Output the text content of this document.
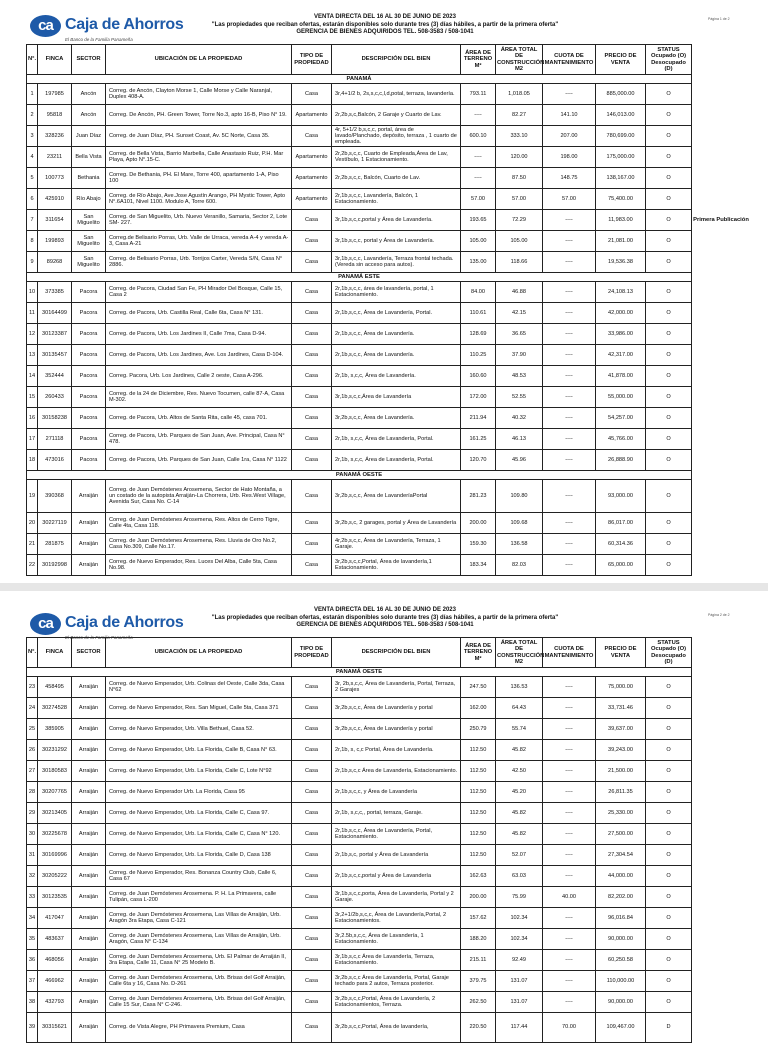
ca Caja de Ahorros
El Banco de la Familia Panameña
VENTA DIRECTA DEL 16 AL 30 DE JUNIO DE 2023
"Las propiedades que reciban ofertas, estarán disponibles solo durante tres (3) días hábiles, a partir de la primera oferta"
GERENCIA DE BIENES ADQUIRIDOS TEL. 508-3583 / 508-1041
Página 1 de 2
N°.	FINCA	SECTOR	UBICACIÓN DE LA PROPIEDAD	TIPO DE PROPIEDAD	DESCRIPCIÓN DEL BIEN	ÁREA DE TERRENO M²	ÁREA TOTAL DE CONSTRUCCIÓN M2	CUOTA DE MANTENIMIENTO	PRECIO DE VENTA	STATUS Ocupado (O) Desocupado (D)	
PANAMÁ											
1	197985	Ancón	Correg. de Ancón, Clayton Morse 1, Calle Morse y Calle Naranjal, Duplex 408-A.	Casa	3r,4+1/2 b, 2s,s,c,c,l,d,potal, terraza, lavandería.	793.11	1,018.05	----	885,000.00	O	
2	95818	Ancón	Correg. De Ancón, PH. Green Tower, Torre No.3, apto 16-B, Piso N° 19.	Apartamento	2r,2b,s,c,Balcón, 2 Garaje y Cuarto de Lav.	----	82.27	141.10	146,013.00	O	
3	328236	Juan Díaz	Correg. de Juan Díaz, PH. Sunset Coast, Av. 5C Norte, Casa 35.	Casa	4r, 5+1/2 b,s,c,c, portal, área de lavado/Planchado, depósito, terraza , 1 cuarto de empleada.	600.10	333.10	207.00	780,699.00	O	
4	23211	Bella Vista	Correg. de Bella Vista, Barrio Marbella, Calle Anastasio Ruiz, P.H. Mar Playa, Apto N°.15-C.	Apartamento	2r,2b,s,c,c, Cuarto de Empleada,Área de Lav, Vestíbulo, 1 Estacionamiento.	----	120.00	198.00	175,000.00	O	
5	100773	Bethania	Correg. De Bethania, PH. El Mare, Torre 400, apartamento 1-A, Piso 100	Apartamento	2r,2b,s,c,c, Balcón, Cuarto de Lav.	----	87.50	148.75	138,167.00	O	
6	425910	Río Abajo	Correg. de Río Abajo, Ave.Jose Agustín Arango, PH Mystic Tower, Apto N°.6A101, Nivel 1100. Modulo A, Torre 600.	Apartamento	2r,1b,s,c,c, Lavandería, Balcón, 1 Estacionamiento.	57.00	57.00	57.00	75,400.00	O	
7	311654	San Miguelito	Correg. de San Miguelito, Urb. Nuevo Veranillo, Samaria, Sector 2, Lote SM- 227.	Casa	3r,1b,s,c,c,portal y Área de Lavandería.	193.65	72.29	----	11,983.00	O	Primera Publicación
8	199893	San Miguelito	Correg.de Belisario Porras, Urb. Valle de Urraca, vereda A-4 y vereda A-3, Casa A-21	Casa	3r,1b,s,c,c, portal y Área de Lavandería.	105.00	105.00	----	21,081.00	O	
9	89268	San Miguelito	Correg. de Belisario Porras, Urb. Torrijos Carter, Vereda S/N, Casa N° 2886.	Casa	3r,1b,s,c,c, Lavandería, Terraza frontal techada. (Vereda sin acceso para autos).	135.00	118.66	----	19,536.38	O	
PANAMÁ ESTE											
10	373385	Pacora	Correg. de Pacora, Ciudad San Fe, PH Mirador Del Bosque, Calle 15, Casa 2	Casa	2r,1b,s,c,c, área de lavandería, portal, 1 Estacionamiento.	84.00	46.88	----	24,108.13	O	
11	30164499	Pacora	Correg. de Pacora, Urb. Castilla Real, Calle 6ta, Casa N° 131.	Casa	2r,1b,s,c,c, Área de Lavandería, Portal.	110.61	42.15	----	42,000.00	O	
12	30123387	Pacora	Correg. de Pacora, Urb. Los Jardines II, Calle 7ma, Casa D-94.	Casa	2r,1b,s,c,c, Área de Lavandería.	128.69	36.65	----	33,986.00	O	
13	30135457	Pacora	Correg. de Pacora, Urb. Los Jardines, Ave. Los Jardines, Casa D-104.	Casa	2r,1b,s,c,c, Área de Lavandería.	110.25	37.90	----	42,317.00	O	
14	352444	Pacora	Correg. Pacora, Urb. Los Jardines, Calle 2 oeste, Casa A-296.	Casa	2r,1b, s,c,c, Área de Lavandería.	160.60	48.53	----	41,878.00	O	
15	260433	Pacora	Correg. de la 24 de Diciembre, Res. Nuevo Tocumen, calle 87-A, Casa M-302.	Casa	3r,1b,s,c,c,Área de Lavandería	172.00	52.55	----	55,000.00	O	
16	30158238	Pacora	Correg. de Pacora, Urb. Altos de Santa Rita, calle 45, casa 701.	Casa	3r,2b,s,c,c, Área de Lavandería.	211.94	40.32	----	54,257.00	O	
17	271118	Pacora	Correg. de Pacora, Urb. Parques de San Juan, Ave. Principal, Casa N° 478.	Casa	2r,1b, s,c,c, Área de Lavandería, Portal.	161.25	46.13	----	45,766.00	O	
18	473016	Pacora	Correg. de Pacora, Urb. Parques de San Juan, Calle 1ra, Casa N° 1122	Casa	2r,1b, s,c,c, Área de Lavandería, Portal.	120.70	45.96	----	26,888.90	O	
PANAMÁ OESTE											
19	390368	Arraiján	Correg. de Juan Demóstenes Arosemena, Sector de Hato Montaña, a un costado de la autopista Arraiján-La Chorrera, Urb. Res.West Village, Avenida Sur, Casa No. C-14	Casa	3r,2b,s,c,c, Área de LavanderíaPortal	281.23	109.80	----	93,000.00	O	
20	30227119	Arraiján	Correg. de Juan Demóstenes Arosemena, Res. Altos de Cerro Tigre, Calle 4ta, Casa 118.	Casa	3r,2b,s,c, 2 garages, portal y Área de Lavandería	200.00	109.68	----	86,017.00	O	
21	281875	Arraiján	Correg. de Juan Demóstenes Arosemena, Res. Lluvia de Oro No.2, Casa No.309, Calle No.17.	Casa	4r,2b,s,c,c, Área de Lavandería, Terraza, 1 Garaje.	159.30	136.58	----	60,314.36	O	
22	30192998	Arraiján	Correg. de Nuevo Emperador, Res. Luces Del Alba, Calle 5ta, Casa No.98.	Casa	3r,2b,s,c,c,Portal, Área de lavandería,1 Estacionamiento.	183.34	82.03	----	65,000.00	O	
ca Caja de Ahorros
El Banco de la Familia Panameña
VENTA DIRECTA DEL 16 AL 30 DE JUNIO DE 2023
"Las propiedades que reciban ofertas, estarán disponibles solo durante tres (3) días hábiles, a partir de la primera oferta"
GERENCIA DE BIENES ADQUIRIDOS TEL. 508-3583 / 508-1041
Página 2 de 2
N°.	FINCA	SECTOR	UBICACIÓN DE LA PROPIEDAD	TIPO DE PROPIEDAD	DESCRIPCIÓN DEL BIEN	ÁREA DE TERRENO M²	ÁREA TOTAL DE CONSTRUCCIÓN M2	CUOTA DE MANTENIMIENTO	PRECIO DE VENTA	STATUS Ocupado (O) Desocupado (D)	
PANAMÁ OESTE											
23	458495	Arraiján	Correg. de Nuevo Emperador, Urb. Colinas del Oeste, Calle 3da, Casa N°62	Casa	3r, 2b,s,c,c, Área de Lavandería, Portal, Terraza, 2 Garajes	247.50	136.53	----	75,000.00	O	
24	30274528	Arraiján	Correg. de Nuevo Emperador, Res. San Miguel, Calle 5ta, Casa 371	Casa	3r,2b,s,c,c, Área de Lavandería y portal	162.00	64.43	----	33,731.46	O	
25	385905	Arraiján	Correg. de Nuevo Emperador, Urb. Villa Bethuel, Casa 52.	Casa	3r,2b,s,c,c, Área de Lavandería y portal	250.79	55.74	----	39,637.00	O	
26	30231292	Arraiján	Correg. de Nuevo Emperador, Urb. La Florida, Calle B, Casa N° 63.	Casa	2r,1b, s, c,c Portal, Área de Lavandería.	112.50	45.82	----	39,243.00	O	
27	30180583	Arraiján	Correg. de Nuevo Emperador, Urb. La Florida, Calle C, Lote N°92	Casa	2r,1b,s,c,c Área de Lavandería, Estacionamiento.	112.50	42.50	----	21,500.00	O	
28	30207765	Arraiján	Correg. de Nuevo Emperador Urb. La Florida, Casa 95	Casa	2r,1b,s,c,c, y Área de Lavandería	112.50	45.20	----	26,811.35	O	
29	30213405	Arraiján	Correg. de Nuevo Emperador, Urb. La Florida, Calle C, Casa 97.	Casa	2r,1b, s,c,c,, portal, terraza, Garaje.	112.50	45.82	----	25,330.00	O	
30	30225678	Arraiján	Correg. de Nuevo Emperador, Urb. La Florida, Calle C, Casa N° 120.	Casa	2r,1b,s,c,c, Área de Lavandería, Portal, Estacionamiento.	112.50	45.82	----	27,500.00	O	
31	30169996	Arraiján	Correg. de Nuevo Emperador, Urb. La Florida, Calle D, Casa 138	Casa	2r,1b,s,c, portal y Área de Lavandería	112.50	52.07	----	27,304.54	O	
32	30205222	Arraiján	Correg. de Nuevo Emperador, Res. Bonanza Country Club, Calle 6, Casa 67	Casa	2r,1b,s,c,c,portal y Área de Lavandería	162.63	63.03	----	44,000.00	O	
33	30123535	Arraiján	Correg. de Juan Demóstenes Arosemena. P. H. La Primavera, calle Tulipán, casa L-200	Casa	3r,1b,s,c,c,porta, Área de Lavandería, Portal y 2 Garaje.	200.00	75.99	40.00	82,202.00	O	
34	417047	Arraiján	Correg. de Juan Demóstenes Arosemena, Las Villas de Arraiján, Urb. Aragón 3ra Etapa, Casa C-121	Casa	3r,2+1/2b,s,c,c, Área de Lavandería,Portal, 2 Estacionamientos.	157.62	102.34	----	96,016.84	O	
35	483637	Arraiján	Correg. de Juan Demóstenes Arosemena, Las Villas de Arraiján, Urb. Aragón, Casa N° C-134	Casa	3r,2.5b,s,c,c, Área de Lavandería, 1 Estacionamiento.	188.20	102.34	----	90,000.00	O	
36	468056	Arraiján	Correg. de Juan Demóstenes Arosemena, Urb. El Palmar de Arraiján II, 3ra Etapa, Calle 11, Casa N° 25 Modelo B.	Casa	3r,1b,s,c,c Área de Lavandería, Terraza, Estacionamiento.	215.11	92.49	----	60,250.58	O	
37	466962	Arraiján	Correg. de Juan Demóstenes Arosemena, Urb. Brisas del Golf Arraiján, Calle 6ta y 16, Casa No. D-261	Casa	3r,2b,s,c,c Área de Lavandería, Portal, Garaje techado para 2 autos, Terraza posterior.	379.75	131.07	----	110,000.00	O	
38	432793	Arraiján	Correg. de Juan Demóstenes Arosemena, Urb. Brisas del Golf Arraiján, Calle 15 Sur, Casa N° C-246.	Casa	3r,2b,s,c,c,Portal, Área de Lavandería, 2 Estacionamientos, Terraza.	262.50	131.07	----	90,000.00	O	
39	30315621	Arraiján	Correg. de Vista Alegre, PH Primavera Premium, Casa	Casa	3r,2b,s,c,c,Portal, Área de lavandería,	220.50	117.44	70.00	109,467.00	D	
